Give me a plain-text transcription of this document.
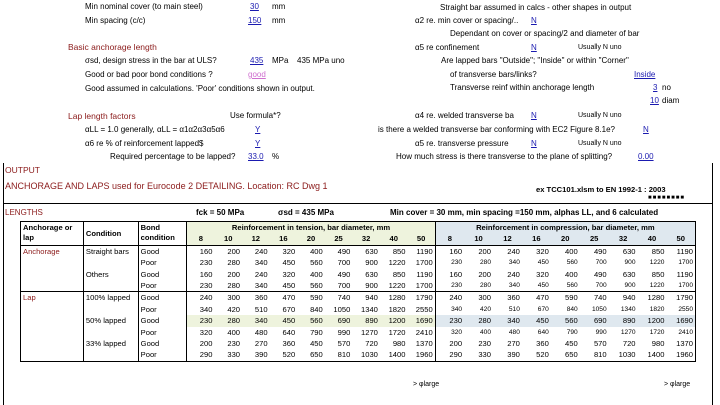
Min nominal cover (to main steel)	30 mm
Min spacing (c/c)	150 mm
Basic anchorage length
σsd, design stress in the bar at ULS?	435 MPa 435 MPa uno
Good or bad poor bond conditions ?	good
Good assumed in calculations. 'Poor' conditions shown in output.
Lap length factors	Use formula*?
αLL = 1.0 generally, αLL = α1α2α3α5α6	Y
α6 re % of reinforcement lapped$	Y
Required percentage to be lapped? 33.0 %
Straight bar assumed in calcs - other shapes in output
α2 re. min cover or spacing/.. N
Dependant on cover or spacing/2 and diameter of bar
α5 re confinement	N	Usually N uno
Are lapped bars "Outside"; "Inside" or within "Corner"
of transverse bars/links?	Inside
Transverse reinf within anchorage length	3 no
10 diam
α4 re. welded transverse ba N	Usually N uno
is there a welded transverse bar conforming with EC2 Figure 8.1e?	N
α5 re. transverse pressure	N	Usually N uno
How much stress is there transverse to the plane of splitting?	0.00
OUTPUT
ANCHORAGE AND LAPS used for Eurocode 2 DETAILING. Location: RC Dwg 1	ex TCC101.xlsm to EN 1992-1 : 2003
■■■■■■■■
LENGTHS	fck = 50 MPa	σsd = 435 MPa	Min cover = 30 mm, min spacing =150 mm, alphas LL, and 6 calculated
Anchorage or lap	Condition	Bond condition	Reinforcement in tension, bar diameter, mm									Reinforcement in compression, bar diameter, mm								
			8	10	12	16	20	25	32	40	50	8	10	12	16	20	25	32	40	50
Anchorage	Straight bars	Good	160	200	240	320	400	490	630	850	1190	160	200	240	320	400	490	630	850	1190
		Poor	230	280	340	450	560	700	900	1220	1700	230	280	340	450	560	700	900	1220	1700
	Others	Good	160	200	240	320	400	490	630	850	1190	160	200	240	320	400	490	630	850	1190
		Poor	230	280	340	450	560	700	900	1220	1700	230	280	340	450	560	700	900	1220	1700
Lap	100% lapped	Good	240	300	360	470	590	740	940	1280	1790	240	300	360	470	590	740	940	1280	1790
		Poor	340	420	510	670	840	1050	1340	1820	2550	340	420	510	670	840	1050	1340	1820	2550
	50% lapped	Good	230	280	340	450	560	690	890	1200	1690	230	280	340	450	560	690	890	1200	1690
		Poor	320	400	480	640	790	990	1270	1720	2410	320	400	480	640	790	990	1270	1720	2410
	33% lapped	Good	200	230	270	360	450	570	720	980	1370	200	230	270	360	450	570	720	980	1370
		Poor	290	330	390	520	650	810	1030	1400	1960	290	330	390	520	650	810	1030	1400	1960
> φlarge	> φlarge
